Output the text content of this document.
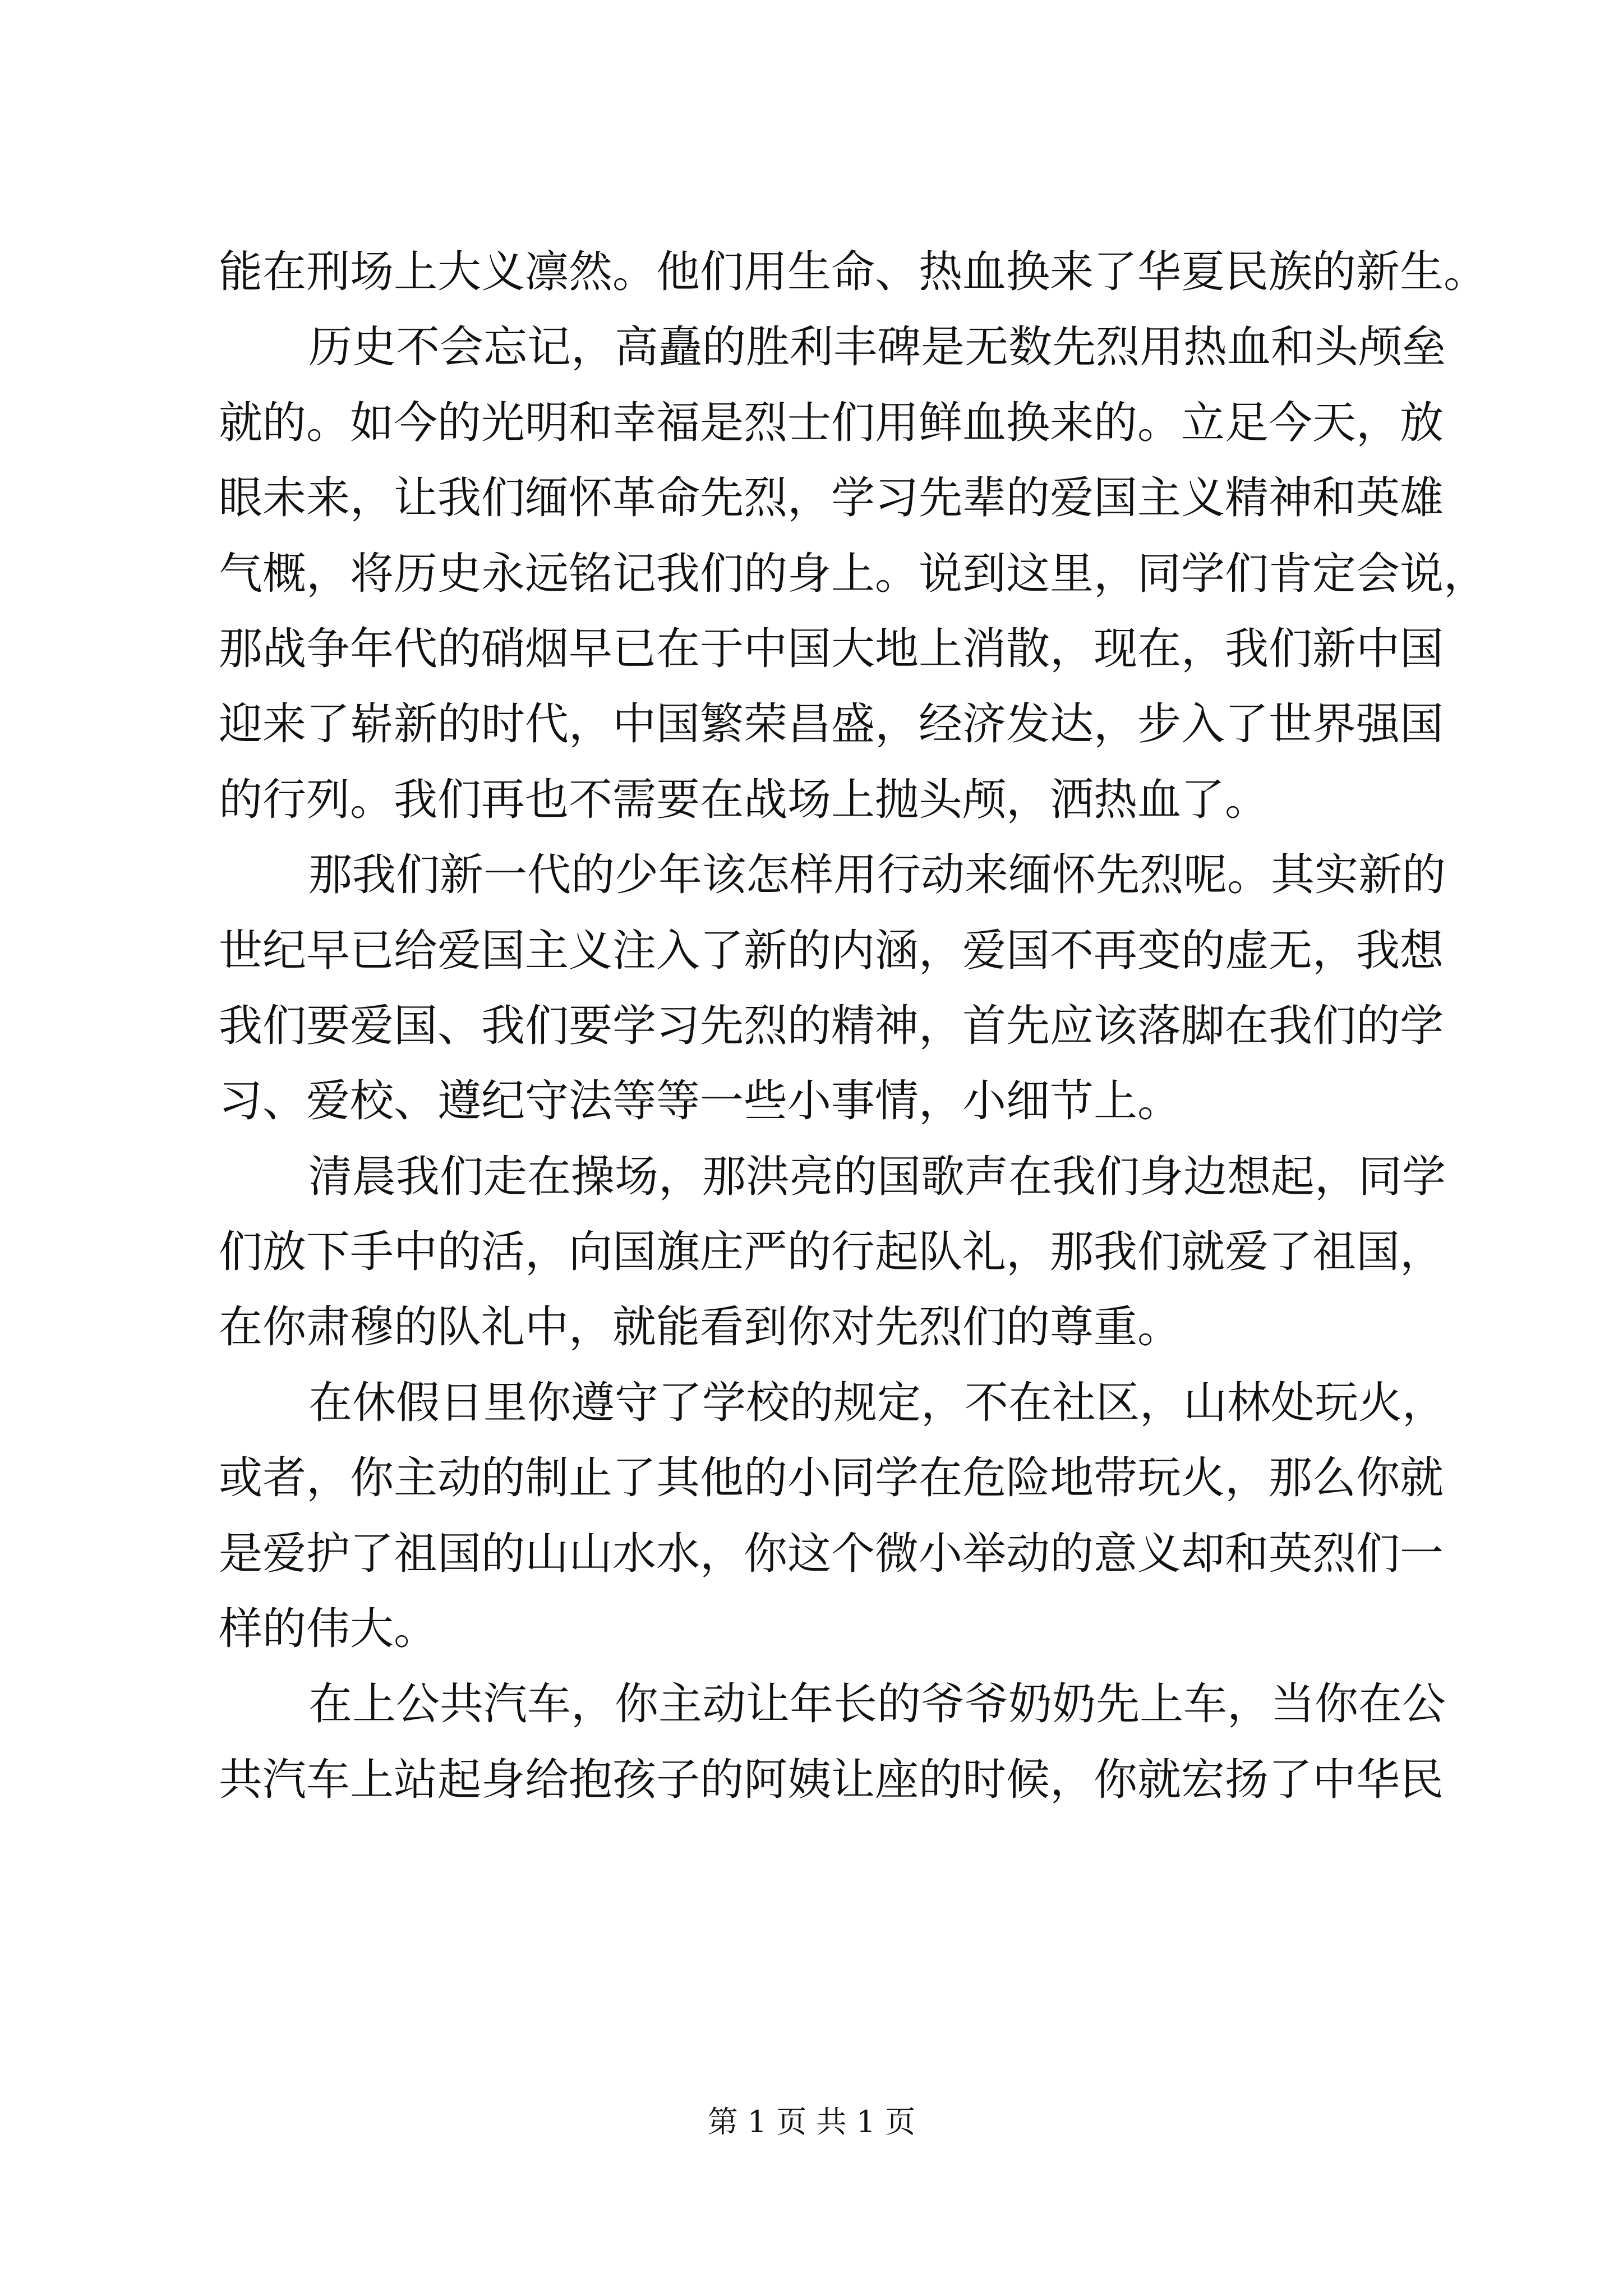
能在刑场上大义凛然。他们用生命、热血换来了华夏民族的新生。
历史不会忘记，高矗的胜利丰碑是无数先烈用热血和头颅垒
就的。如今的光明和幸福是烈士们用鲜血换来的。立足今天，放
眼未来，让我们缅怀革命先烈，学习先辈的爱国主义精神和英雄
气概，将历史永远铭记我们的身上。说到这里，同学们肯定会说，
那战争年代的硝烟早已在于中国大地上消散，现在，我们新中国
迎来了崭新的时代，中国繁荣昌盛，经济发达，步入了世界强国
的行列。我们再也不需要在战场上抛头颅，洒热血了。
那我们新一代的少年该怎样用行动来缅怀先烈呢。其实新的
世纪早已给爱国主义注入了新的内涵，爱国不再变的虚无，我想
我们要爱国、我们要学习先烈的精神，首先应该落脚在我们的学
习、爱校、遵纪守法等等一些小事情，小细节上。
清晨我们走在操场，那洪亮的国歌声在我们身边想起，同学
们放下手中的活，向国旗庄严的行起队礼，那我们就爱了祖国，
在你肃穆的队礼中，就能看到你对先烈们的尊重。
在休假日里你遵守了学校的规定，不在社区，山林处玩火，
或者，你主动的制止了其他的小同学在危险地带玩火，那么你就
是爱护了祖国的山山水水，你这个微小举动的意义却和英烈们一
样的伟大。
在上公共汽车，你主动让年长的爷爷奶奶先上车，当你在公
共汽车上站起身给抱孩子的阿姨让座的时候，你就宏扬了中华民
第 1 页 共 1 页
